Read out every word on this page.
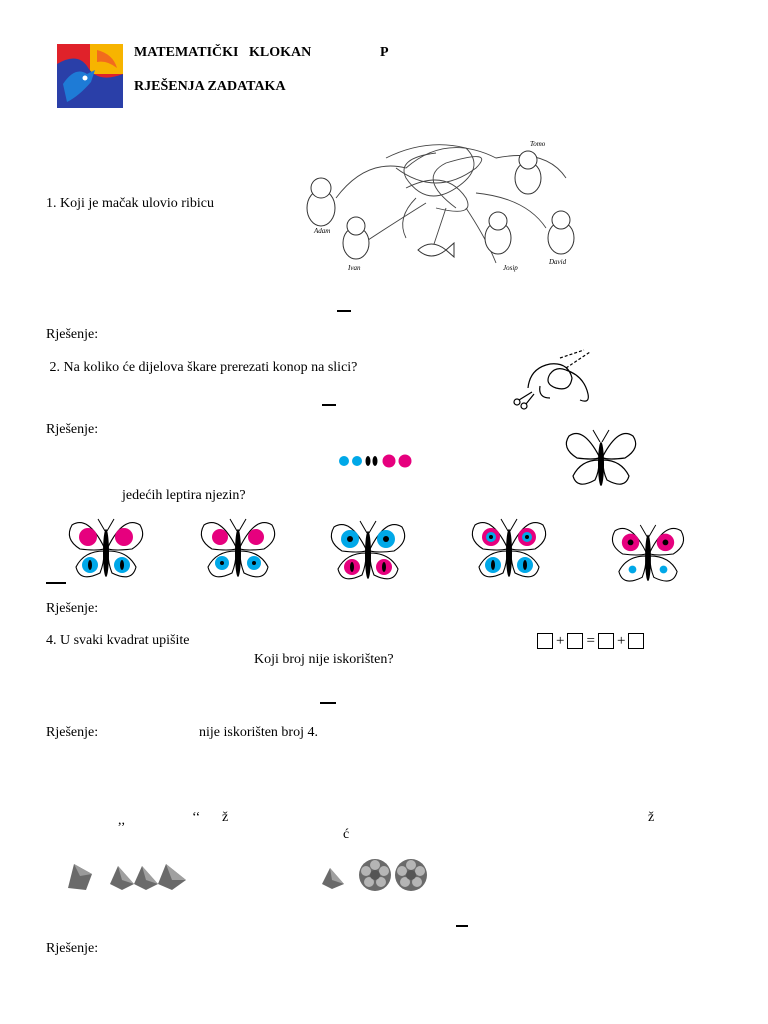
MATEMATIČKI   KLOKAN	P
RJEŠENJA ZADATAKA
1. Koji je mačak ulovio ribicu
Adam
Ivan	Josip
David
Tomo
Rješenje:
2. Na koliko će dijelova škare prerezati konop na slici?
Rješenje:
jedećih leptira njezin?
Rješenje:
4. U svaki kvadrat upišite	+ = +
Koji broj nije iskorišten?
Rješenje:	nije iskorišten broj 4.
,,	‘‘ ž	ž
ć
Rješenje:
